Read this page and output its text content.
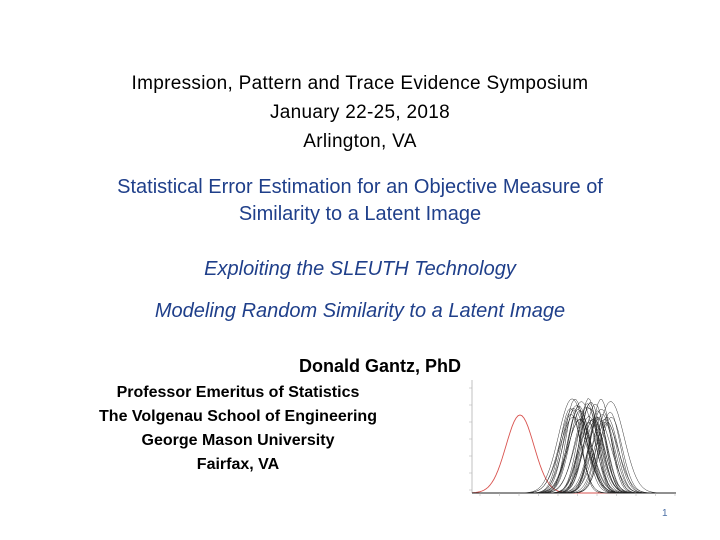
Impression, Pattern and Trace Evidence Symposium
January 22-25, 2018
Arlington, VA
Statistical Error Estimation for an Objective Measure of
Similarity to a Latent Image
Exploiting the SLEUTH Technology
Modeling Random Similarity to a Latent Image
Donald Gantz, PhD
Professor Emeritus of Statistics
The Volgenau School of Engineering
George Mason University
Fairfax, VA
1
